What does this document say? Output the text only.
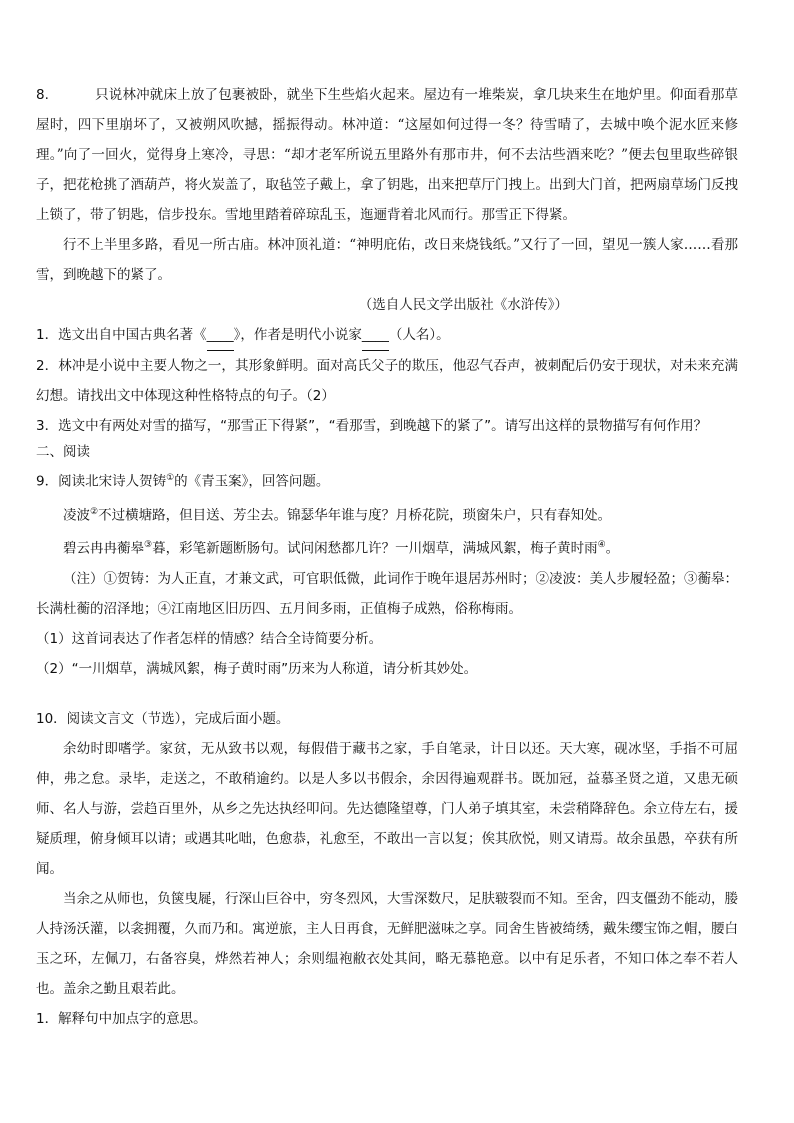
8.	只说林冲就床上放了包裹被卧，就坐下生些焰火起来。屋边有一堆柴炭，拿几块来生在地炉里。仰面看那草屋时，四下里崩坏了，又被朔风吹撼，摇振得动。林冲道：“这屋如何过得一冬？待雪晴了，去城中唤个泥水匠来修理。”向了一回火，觉得身上寒冷，寻思：“却才老军所说五里路外有那市井，何不去沽些酒来吃？”便去包里取些碎银子，把花枪挑了酒葫芦，将火炭盖了，取毡笠子戴上，拿了钥匙，出来把草厅门拽上。出到大门首，把两扇草场门反拽上锁了，带了钥匙，信步投东。雪地里踏着碎琼乱玉，迤逦背着北风而行。那雪正下得紧。

行不上半里多路，看见一所古庙。林冲顶礼道：“神明庇佑，改日来烧钱纸。”又行了一回，望见一簇人家……看那雪，到晚越下的紧了。

（选自人民文学出版社《水浒传》）

1．选文出自中国古典名著《____》，作者是明代小说家____（人名）。

2．林冲是小说中主要人物之一，其形象鲜明。面对高氏父子的欺压，他忍气吞声，被刺配后仍安于现状，对未来充满幻想。请找出文中体现这种性格特点的句子。（2）

3．选文中有两处对雪的描写，“那雪正下得紧”，“看那雪，到晚越下的紧了”。请写出这样的景物描写有何作用？

二、阅读

9．阅读北宋诗人贺铸①的《青玉案》，回答问题。

凌波②不过横塘路，但目送、芳尘去。锦瑟华年谁与度？月桥花院，琐窗朱户，只有春知处。

碧云冉冉蘅皋③暮，彩笔新题断肠句。试问闲愁都几许？一川烟草，满城风絮，梅子黄时雨④。

（注）①贺铸：为人正直，才兼文武，可官职低微，此词作于晚年退居苏州时；②凌波：美人步履轻盈；③蘅皋：长满杜蘅的沼泽地；④江南地区旧历四、五月间多雨，正值梅子成熟，俗称梅雨。

（1）这首词表达了作者怎样的情感？结合全诗简要分析。

（2）“一川烟草，满城风絮，梅子黄时雨”历来为人称道，请分析其妙处。

10．阅读文言文（节选），完成后面小题。

余幼时即嗜学。家贫，无从致书以观，每假借于藏书之家，手自笔录，计日以还。天大寒，砚冰坚，手指不可屈伸，弗之怠。录毕，走送之，不敢稍逾约。以是人多以书假余，余因得遍观群书。既加冠，益慕圣贤之道，又患无硕师、名人与游，尝趋百里外，从乡之先达执经叩问。先达德隆望尊，门人弟子填其室，未尝稍降辞色。余立侍左右，援疑质理，俯身倾耳以请；或遇其叱咄，色愈恭，礼愈至，不敢出一言以复；俟其欣悦，则又请焉。故余虽愚，卒获有所闻。

当余之从师也，负箧曳屣，行深山巨谷中，穷冬烈风，大雪深数尺，足肤皲裂而不知。至舍，四支僵劲不能动，媵人持汤沃灌，以衾拥覆，久而乃和。寓逆旅，主人日再食，无鲜肥滋味之享。同舍生皆被绮绣，戴朱缨宝饰之帽，腰白玉之环，左佩刀，右备容臭，烨然若神人；余则缊袍敝衣处其间，略无慕艳意。以中有足乐者，不知口体之奉不若人也。盖余之勤且艰若此。

1．解释句中加点字的意思。
